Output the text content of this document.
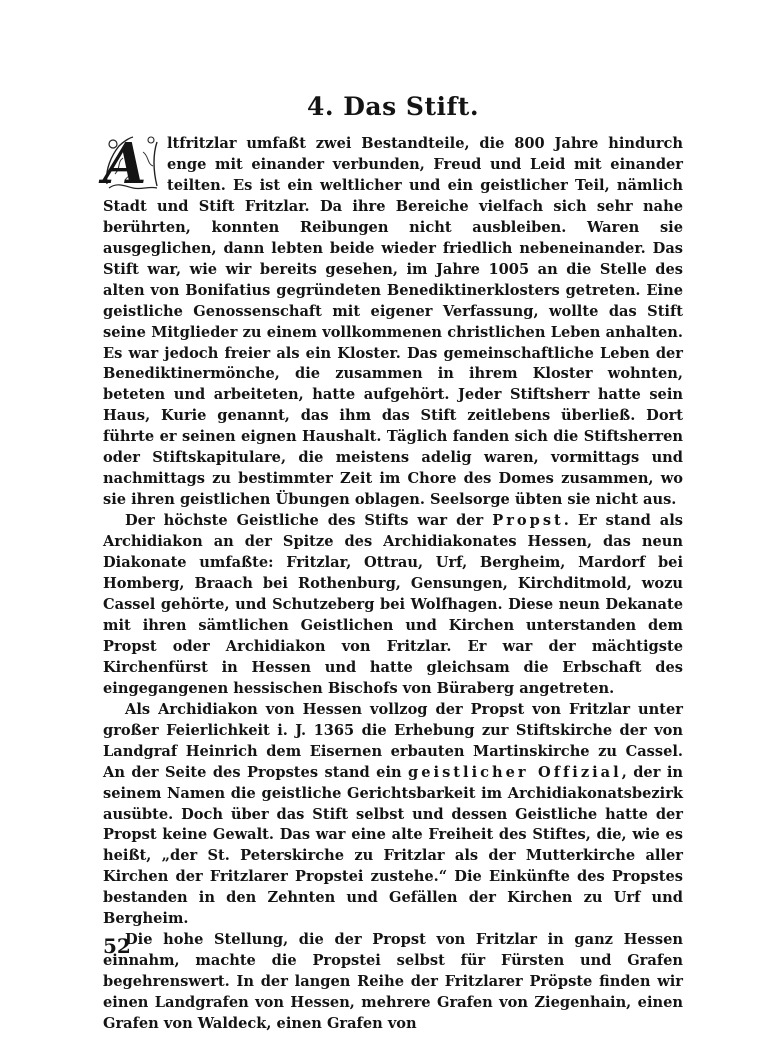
4. Das Stift.

A	ltfritzlar umfaßt zwei Bestandteile, die 800 Jahre hindurch enge mit einander verbunden, Freud und Leid mit einander teilten. Es ist ein weltlicher und ein geistlicher Teil, nämlich Stadt und Stift Fritzlar. Da ihre Bereiche vielfach sich sehr nahe berührten, konnten Reibungen nicht ausbleiben. Waren sie ausgeglichen, dann lebten beide wieder friedlich nebeneinander. Das Stift war, wie wir bereits gesehen, im Jahre 1005 an die Stelle des alten von Bonifatius gegründeten Benediktinerklosters getreten. Eine geistliche Genossenschaft mit eigener Verfassung, wollte das Stift seine Mitglieder zu einem vollkommenen christlichen Leben anhalten. Es war jedoch freier als ein Kloster. Das gemeinschaftliche Leben der Benediktinermönche, die zusammen in ihrem Kloster wohnten, beteten und arbeiteten, hatte aufgehört. Jeder Stiftsherr hatte sein Haus, Kurie genannt, das ihm das Stift zeitlebens überließ. Dort führte er seinen eignen Haushalt. Täglich fanden sich die Stiftsherren oder Stiftskapitulare, die meistens adelig waren, vormittags und nachmittags zu bestimmter Zeit im Chore des Domes zusammen, wo sie ihren geistlichen Übungen oblagen. Seelsorge übten sie nicht aus.

Der höchste Geistliche des Stifts war der Propst. Er stand als Archidiakon an der Spitze des Archidiakonates Hessen, das neun Diakonate umfaßte: Fritzlar, Ottrau, Urf, Bergheim, Mardorf bei Homberg, Braach bei Rothenburg, Gensungen, Kirchditmold, wozu Cassel gehörte, und Schutzeberg bei Wolfhagen. Diese neun Dekanate mit ihren sämtlichen Geistlichen und Kirchen unterstanden dem Propst oder Archidiakon von Fritzlar. Er war der mächtigste Kirchenfürst in Hessen und hatte gleichsam die Erbschaft des eingegangenen hessischen Bischofs von Büraberg angetreten.

Als Archidiakon von Hessen vollzog der Propst von Fritzlar unter großer Feierlichkeit i. J. 1365 die Erhebung zur Stiftskirche der von Landgraf Heinrich dem Eisernen erbauten Martinskirche zu Cassel. An der Seite des Propstes stand ein geistlicher Offizial, der in seinem Namen die geistliche Gerichtsbarkeit im Archidiakonatsbezirk ausübte. Doch über das Stift selbst und dessen Geistliche hatte der Propst keine Gewalt. Das war eine alte Freiheit des Stiftes, die, wie es heißt, „der St. Peterskirche zu Fritzlar als der Mutterkirche aller Kirchen der Fritzlarer Propstei zustehe.“ Die Einkünfte des Propstes bestanden in den Zehnten und Gefällen der Kirchen zu Urf und Bergheim.

Die hohe Stellung, die der Propst von Fritzlar in ganz Hessen einnahm, machte die Propstei selbst für Fürsten und Grafen begehrenswert. In der langen Reihe der Fritzlarer Pröpste finden wir einen Landgrafen von Hessen, mehrere Grafen von Ziegenhain, einen Grafen von Waldeck, einen Grafen von

52
